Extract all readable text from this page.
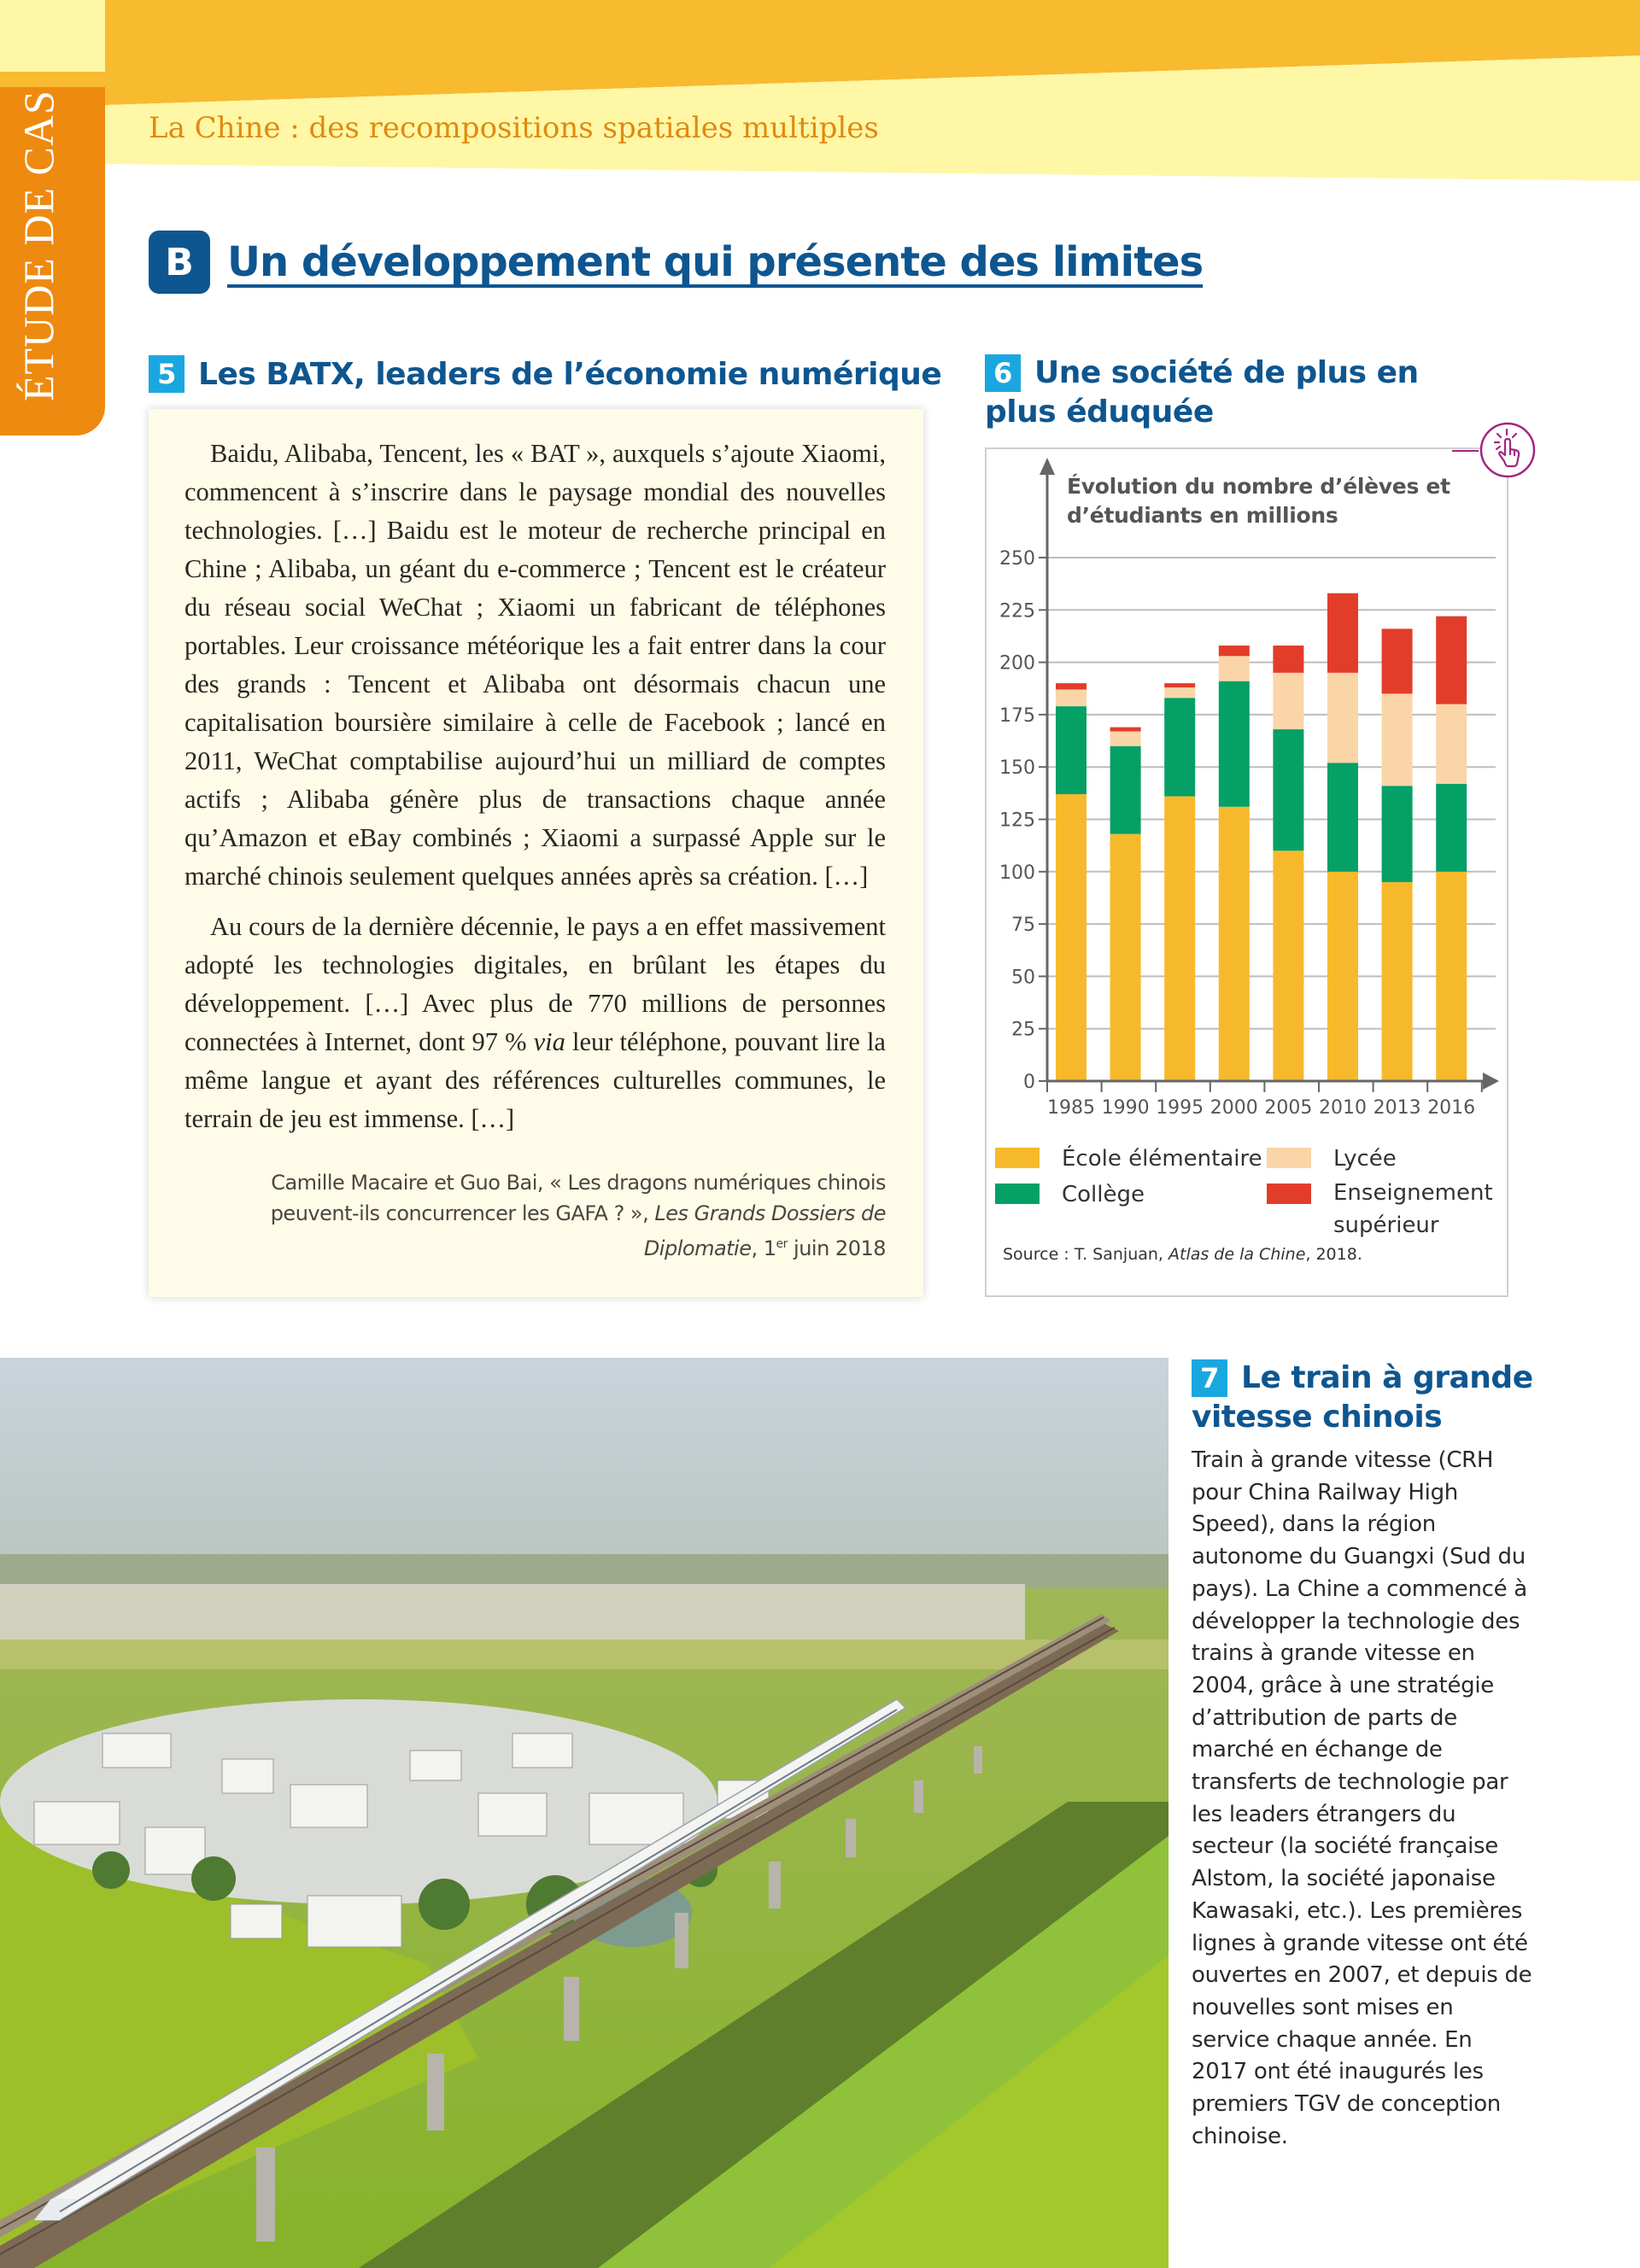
ÉTUDE DE CAS	La Chine : des recompositions spatiales multiples
B Un développement qui présente des limites
5 Les BATX, leaders de l’économie numérique

Baidu, Alibaba, Tencent, les « BAT », auxquels s’ajoute Xiaomi, commencent à s’inscrire dans le paysage mondial des nouvelles technologies. […] Baidu est le moteur de recherche principal en Chine ; Alibaba, un géant du e-commerce ; Tencent est le créateur du réseau social WeChat ; Xiaomi un fabricant de téléphones portables. Leur croissance météorique les a fait entrer dans la cour des grands : Tencent et Alibaba ont désormais chacun une capitalisation boursière similaire à celle de Facebook ; lancé en 2011, WeChat comptabilise aujourd’hui un milliard de comptes actifs ; Alibaba génère plus de transactions chaque année qu’Amazon et eBay combinés ; Xiaomi a surpassé Apple sur le marché chinois seulement quelques années après sa création. […]

Au cours de la dernière décennie, le pays a en effet massivement adopté les technologies digitales, en brûlant les étapes du développement. […] Avec plus de 770 millions de personnes connectées à Internet, dont 97 % via leur téléphone, pouvant lire la même langue et ayant des références culturelles communes, le terrain de jeu est immense. […]

Camille Macaire et Guo Bai, « Les dragons numériques chinois peuvent-ils concurrencer les GAFA ? », Les Grands Dossiers de Diplomatie, 1er juin 2018
6 Une société de plus en plus éduquée
0
25
50
75
100
125
150
175
200
225
250
1985 1990 1995 2000 2005 2010 2013 2016
Évolution du nombre d’élèves et d’étudiants en millions
École élémentaire
Collège
Lycée
Enseignement supérieur
Source : T. Sanjuan, Atlas de la Chine, 2018.
7 Le train à grande vitesse chinois
Train à grande vitesse (CRH pour China Railway High Speed), dans la région autonome du Guangxi (Sud du pays). La Chine a commencé à développer la technologie des trains à grande vitesse en 2004, grâce à une stratégie d’attribution de parts de marché en échange de transferts de technologie par les leaders étrangers du secteur (la société française Alstom, la société japonaise Kawasaki, etc.). Les premières lignes à grande vitesse ont été ouvertes en 2007, et depuis de nouvelles sont mises en service chaque année. En 2017 ont été inaugurés les premiers TGV de conception chinoise.
